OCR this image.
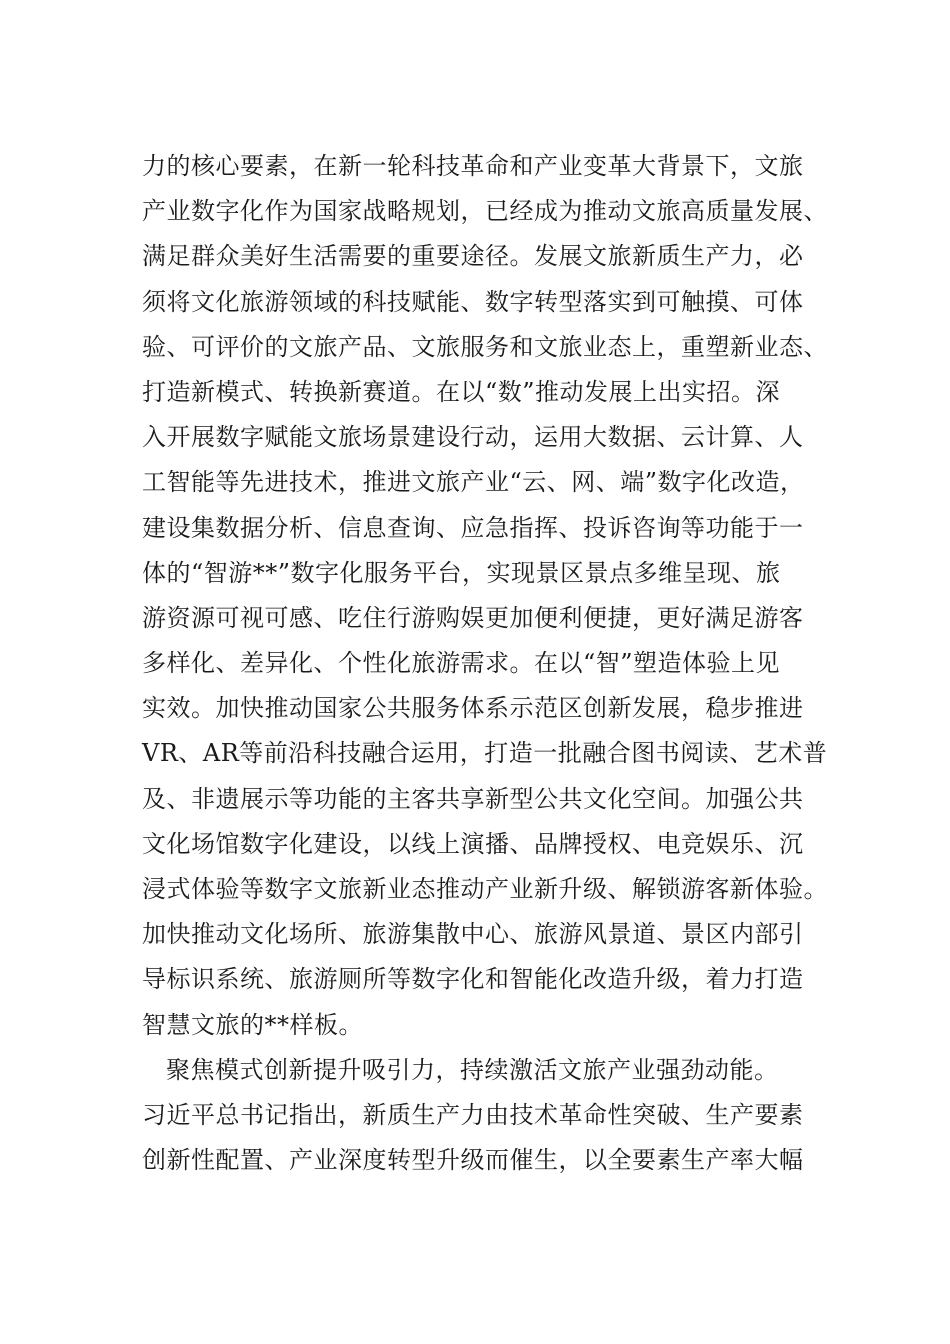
力的核心要素，在新一轮科技革命和产业变革大背景下，文旅
产业数字化作为国家战略规划，已经成为推动文旅高质量发展、
满足群众美好生活需要的重要途径。发展文旅新质生产力，必
须将文化旅游领域的科技赋能、数字转型落实到可触摸、可体
验、可评价的文旅产品、文旅服务和文旅业态上，重塑新业态、
打造新模式、转换新赛道。在以“数”推动发展上出实招。深
入开展数字赋能文旅场景建设行动，运用大数据、云计算、人
工智能等先进技术，推进文旅产业“云、网、端”数字化改造，
建设集数据分析、信息查询、应急指挥、投诉咨询等功能于一
体的“智游**”数字化服务平台，实现景区景点多维呈现、旅
游资源可视可感、吃住行游购娱更加便利便捷，更好满足游客
多样化、差异化、个性化旅游需求。在以“智”塑造体验上见
实效。加快推动国家公共服务体系示范区创新发展，稳步推进
VR、AR等前沿科技融合运用，打造一批融合图书阅读、艺术普
及、非遗展示等功能的主客共享新型公共文化空间。加强公共
文化场馆数字化建设，以线上演播、品牌授权、电竞娱乐、沉
浸式体验等数字文旅新业态推动产业新升级、解锁游客新体验。
加快推动文化场所、旅游集散中心、旅游风景道、景区内部引
导标识系统、旅游厕所等数字化和智能化改造升级，着力打造
智慧文旅的**样板。
聚焦模式创新提升吸引力，持续激活文旅产业强劲动能。
习近平总书记指出，新质生产力由技术革命性突破、生产要素
创新性配置、产业深度转型升级而催生，以全要素生产率大幅
